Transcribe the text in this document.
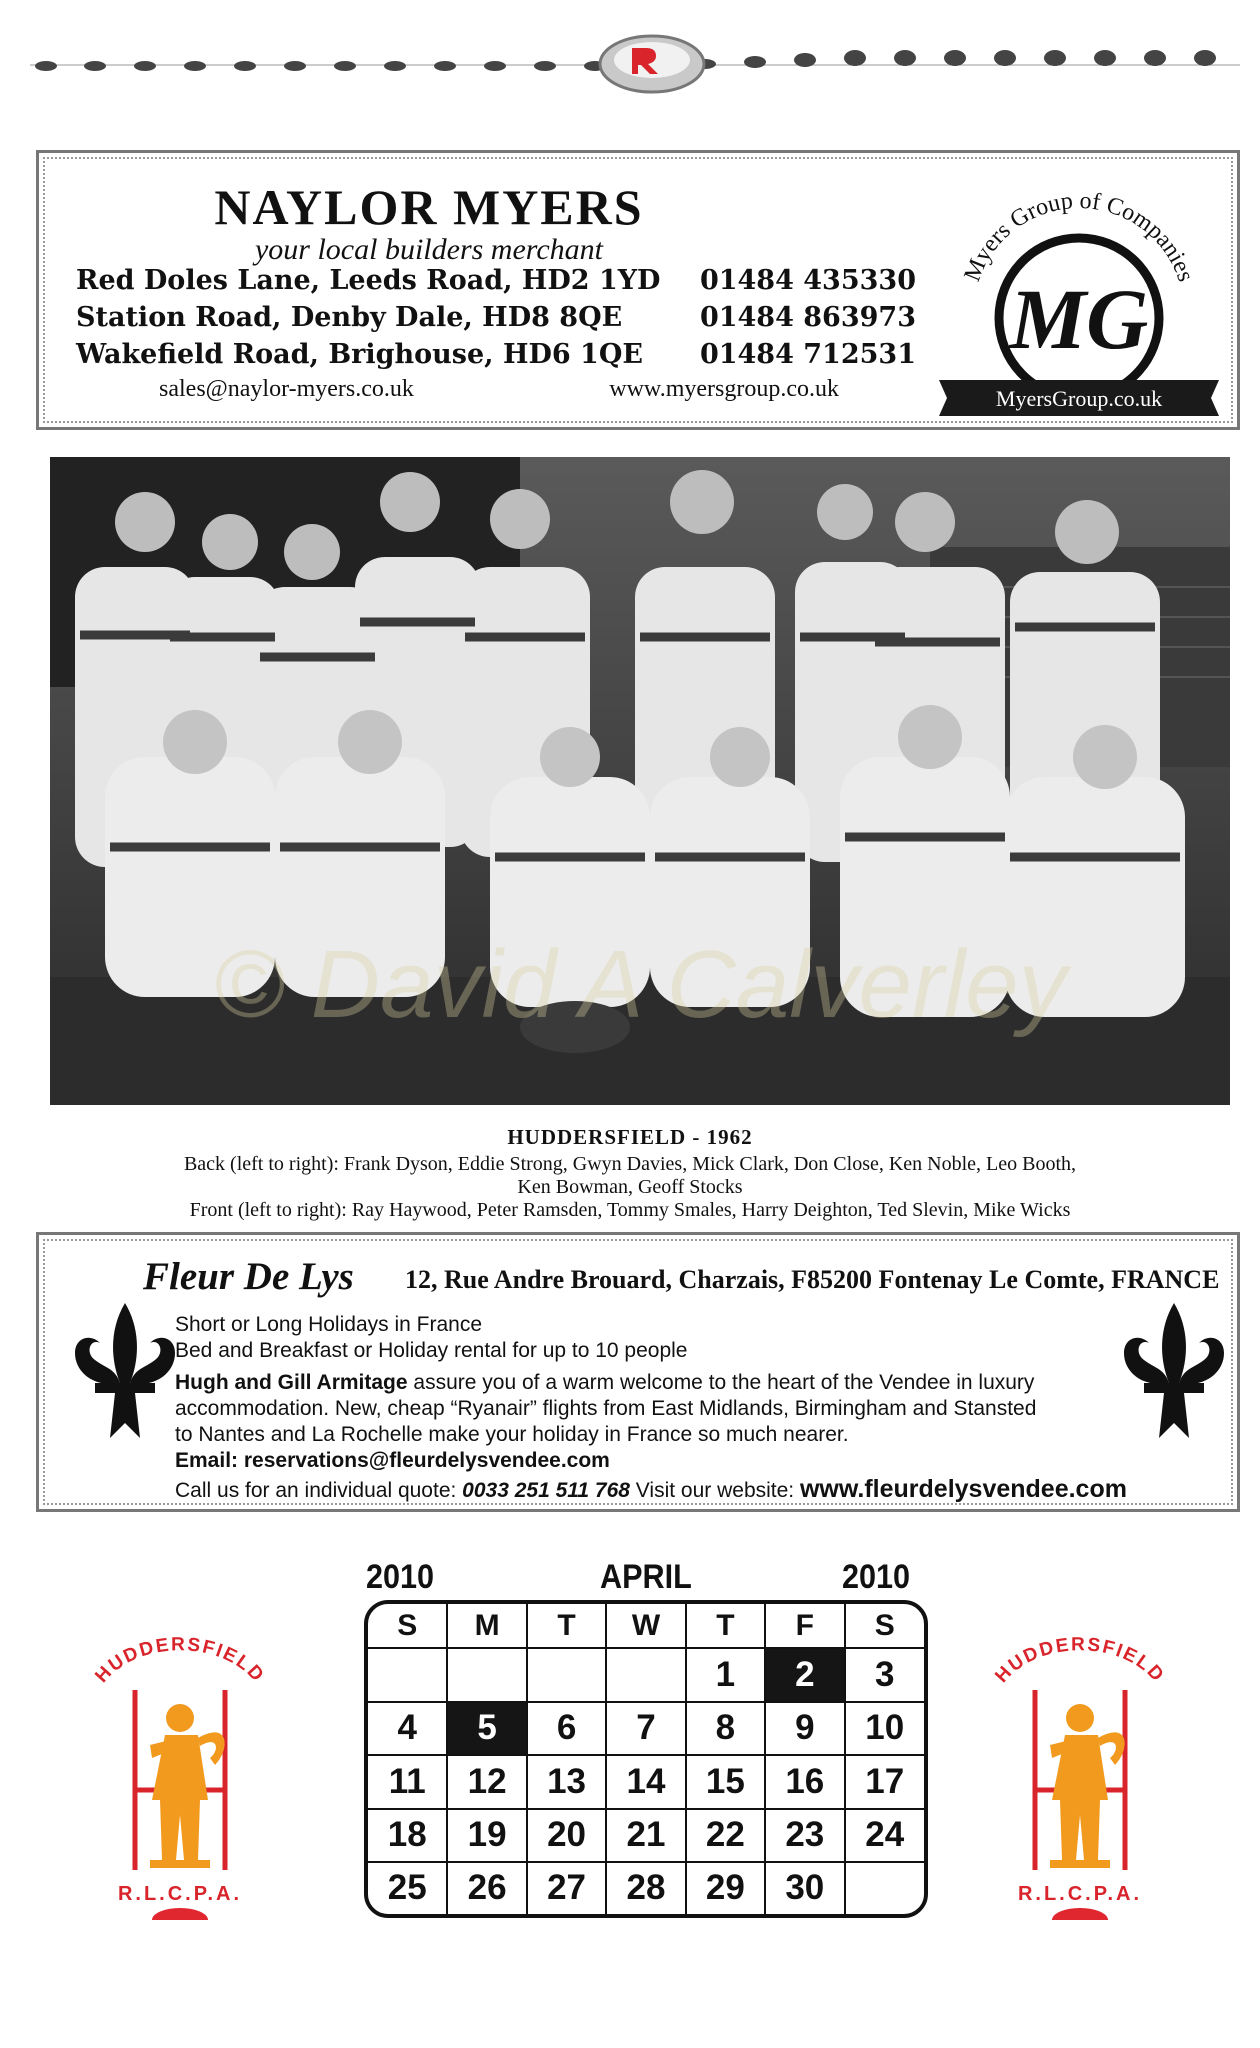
NAYLOR MYERS
your local builders merchant
Red Doles Lane, Leeds Road, HD2 1YD 01484 435330
Station Road, Denby Dale, HD8 8QE	01484 863973
Wakefield Road, Brighouse, HD6 1QE 01484 712531
sales@naylor-myers.co.uk	www.myersgroup.co.uk
Myers Group of Companies
MG
MyersGroup.co.uk
© David A Calverley
HUDDERSFIELD - 1962
Back (left to right): Frank Dyson, Eddie Strong, Gwyn Davies, Mick Clark, Don Close, Ken Noble, Leo Booth,
Ken Bowman, Geoff Stocks
Front (left to right): Ray Haywood, Peter Ramsden, Tommy Smales, Harry Deighton, Ted Slevin, Mike Wicks
Fleur De Lys 12, Rue Andre Brouard, Charzais, F85200 Fontenay Le Comte, FRANCE
Short or Long Holidays in France
Bed and Breakfast or Holiday rental for up to 10 people
Hugh and Gill Armitage assure you of a warm welcome to the heart of the Vendee in luxury
accommodation. New, cheap “Ryanair” flights from East Midlands, Birmingham and Stansted
to Nantes and La Rochelle make your holiday in France so much nearer.
Email: reservations@fleurdelysvendee.com
Call us for an individual quote: 0033 251 511 768 Visit our website: www.fleurdelysvendee.com
2010	APRIL	2010
S	M	T	W	T	F	S
				1	2	3
4	5	6	7	8	9	10
11	12	13	14	15	16	17
18	19	20	21	22	23	24
25	26	27	28	29	30	
HUDDERSFIELD
R.L.C.P.A.
HUDDERSFIELD
R.L.C.P.A.
